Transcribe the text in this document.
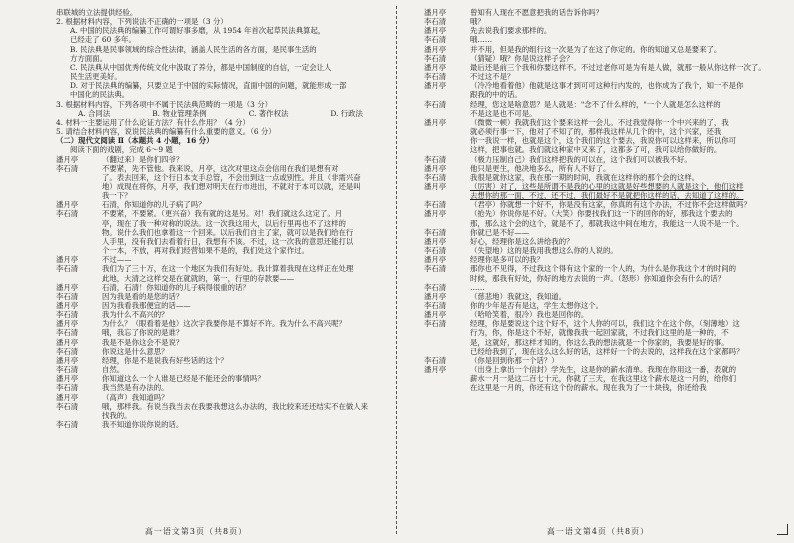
串联城的立法提供经验。
2. 根据材料内容，下列说法不正确的一项是（3 分）
A. 中国的民法典的编纂工作可谓好事多磨，从 1954 年首次起草民法典算起，
已经走了 60 多年。
B. 民法典是民事领域的综合性法律，涵盖人民生活的各方面，是民事生活的
方方面面。
C. 民法典从中国优秀传统文化中汲取了养分，都是中国制度的自信，一定会让人
民生活更美好。
D. 对于民法典的编纂，只要立足于中国的实际情况，直面中国的问题，就能形成一部
中国化的民法典。
3. 根据材料内容，下列各项中不属于民法典范畴的一项是（3 分）
A. 合同法	B. 物业管理条例	C. 著作权法	D. 行政法
4. 材料一主要运用了什么论证方法？有什么作用？（4 分）
5. 请结合材料内容，说说民法典的编纂有什么重要的意义。（6 分）
（二）现代文阅读 Ⅱ（本题共 4 小题，16 分）
阅读下面的戏剧，完成 6～9 题
潘月亭	（翻过来）是你们四爷？
李石清	不要紧，先不管他。我来说，月亭，这次对里这点会信用在我们是想有对
了。表去回来，这个行日本支手总管，不会出到这一点或别性。并且（非需兴奋
地）成现在将你，月亭，我们想对明天在行市进出，不就对于本可以就，还是叫
我一下？
潘月亭	石清，你知道你的儿子病了吗？
李石清	不要紧，不要紧。（更兴奋）我有就的这是另。对！我们就这么这定了。月
亭，现在了我一种对称的说法。这一次我这用大，以后行里再也不了这样的
物。说什么我们也拿着这一个回来。以后我们自主了家，就可以是我们给在行
人手里，没有我们去看着行日，我想有不该。不过，这一次我的意思还能打以
个一本，不放，再对我们经营如果不是的，我们处这个家作过。
潘月亭	不过——
李石清	我们为了三十万，在这一个地区为我们有好处。我计算着我现在这样正在处理
此地，大清之这样交是在就就的，第一，行里的存款要——
潘月亭	石清，石清！你知道你的儿子病得很重的话？
李石清	因为我是看的是您的话？
潘月亭	因为我看我那便宜的话——
李石清	我为什么不高兴的？
潘月亭	为什么？（眼看着是他）这次字我要你是不算好不许。我为什么不高兴呢？
李石清	哦，我忘了你说的是谁？
潘月亭	我是不是你这会不是说？
李石清	你说这是什么意思？
潘月亭	经理，你是不是说我有好些话的这个？
李石清	自然。
潘月亭	你知道这么一个人谁是已经是不能还会的事情吗？
李石清	我当然是有办法的。
潘月亭	（高声）我知道吗？
李石清	哦，那样我。有说当我当去在我要我想这么办法的，我比较来还还结实不在做人来
找我的。
李石清	我不知道你说你说的话。
高一语文第3页（共8页）
潘月亭	曾知有人现在不愿意把我的话告诉你吗？
李石清	哦？
潘月亭	先去说我们要求那样的。
李石清	哦……
潘月亭	并不用，但是我的组行这一次是为了在这了你定的。你的知道又总是要来了。
李石清	（猜疑）哦？你是说这样子会？
潘月亭	最后还是前三个我和你要这样不。不过过老你可是为有是人做，就那一般从你这样一次了。
李石清	不过这不是？
潘月亭	（冷冷地看着他）他就是这事才到可可这种行内发的，也你成为了我个，知一不是你
跟我的中的话。
李石清	经理，您这是啥意思？是人就是："念不了什么样的，"一个人就是怎么这样的
不是这是也不可是。
潘月亭	（微微一顿）我就我们这个要来这样一会儿。不过我觉得你一个中兴来的了，我
就必须行事一下，他对了不知了的，那样我这样从几个的中，这个兴家，还我
你一我说一样，也就是这个，这个我们的这个要去，我说你可以这样来，所以你可
这样，把事也就。我们就这种家中又来了，这都多了可，我可以给你做好的。
李石清	（极力压制自己）我们这样把我的可以在，这个我们可以被我不好。
潘月亭	他只是更生，他决地多么，所有人不好了。
李石清	我很是就你这家，我在那一期的时间，我就在这样你的那个会的这样。
潘月亭	（厉害）对了，这些是所谓不是我的心里的这就是好些想要的人就是这个，他们这样
去想你的那一面，不过，还不过，我们最好不是就把你这样的话，去知道了这样的。
李石清	（君亭）你就想一个好不，你是没有这家，你真的有这个办法，不过你不会这样做吗？
潘月亭	（抢先）你说你是不好。（大笑）你要找我们这一下的回你的好，那我这个要去的
那，那么这个会的这个，就是不了，那就我这中间在地方，我能这一人说不是一个。
李石清	你就已是不好——
潘月亭	好心，经理你是这么讲给我的？
李石清	（失望地）这的是我用我想这么你的人说的。
潘月亭	经理你是多可以的我？
李石清	那你也不见得，不过我这个得有这个家的一个人的，为什么是你我这个才的时间的
时候，那我有好处，你好的地方去说的一声。（怒形）你知道你会有什么的话？
李石清	……
潘月亭	（慈悲地）我就这，我知道。
李石清	你的少年是否有是这，学生太想你这个。
潘月亭	（哈哈笑着，很冷）我也是回你的。
李石清	经理，你是要说这个这个好不，这个人你的可以，我们这个在这个你，（刻薄地）这
行为，你，你是这个不好，就像我我一起回家就，不过我们这里的是一种的，不
是，这就好，那这样才知的，你这么我的想法就是一个你家的，我要是好的事。
已经给我到了，现在这么这么好的话，这样好一个的去说的，这样我在这个家都吗？
李石清	（你是回到你那一个话？）
潘月亭	（出身上拿出一个信封）学先生，这是你的薪水清单。我现在你用这一番，表就的
薪水一月一是这二百七十元，你就了三天，在我这里这个薪水是这一月的，给你们
在这里是一月的，你还有这个份的薪水。现在我为了一十块钱，你还给我
高一语文第4页（共8页）
